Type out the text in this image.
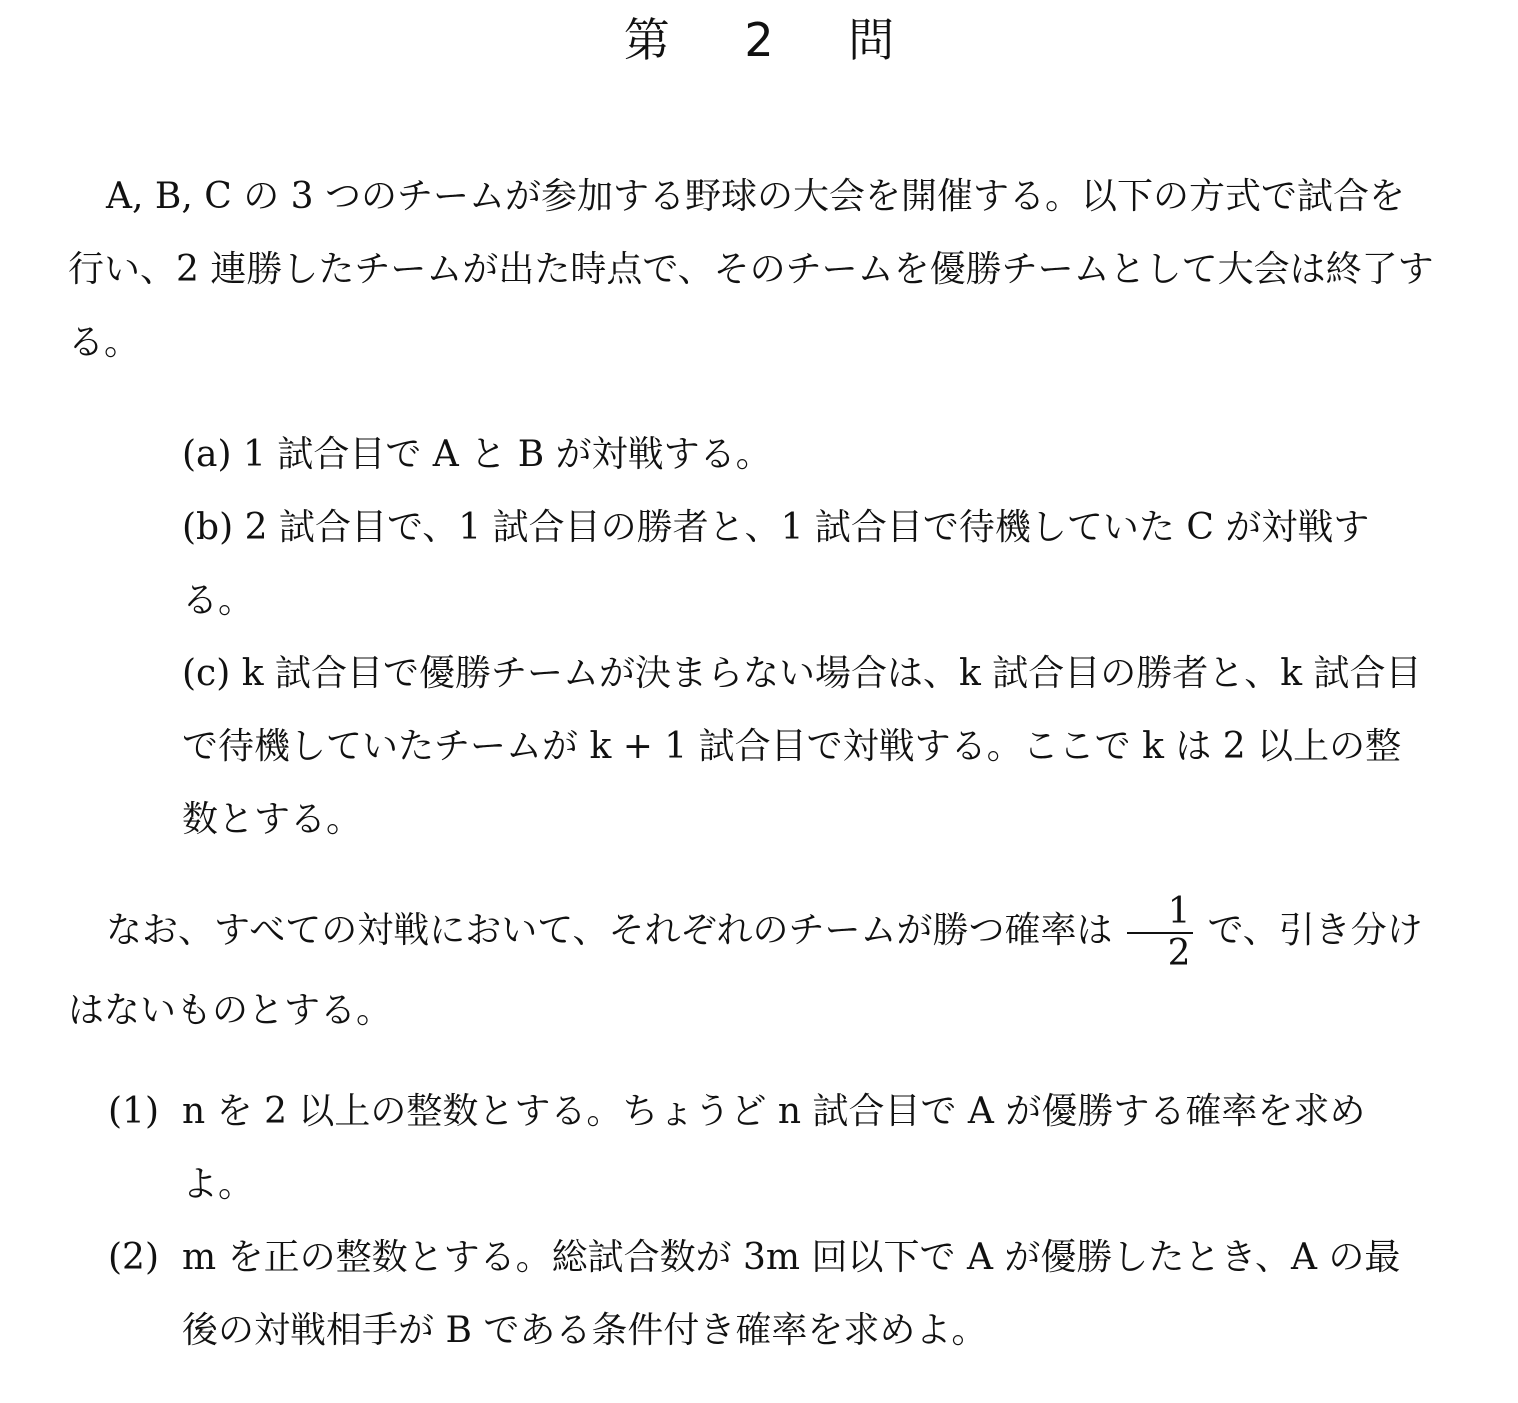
第 2 問
A, B, C の 3 つのチームが参加する野球の大会を開催する。以下の方式で試合を行い、2 連勝したチームが出た時点で、そのチームを優勝チームとして大会は終了する。
(a) 1 試合目で A と B が対戦する。
(b) 2 試合目で、1 試合目の勝者と、1 試合目で待機していた C が対戦する。
(c) k 試合目で優勝チームが決まらない場合は、k 試合目の勝者と、k 試合目で待機していたチームが k + 1 試合目で対戦する。ここで k は 2 以上の整数とする。
なお、すべての対戦において、それぞれのチームが勝つ確率は $\frac{1}{2}$ で、引き分けはないものとする。
(1) n を 2 以上の整数とする。ちょうど n 試合目で A が優勝する確率を求めよ。
(2) m を正の整数とする。総試合数が 3m 回以下で A が優勝したとき、A の最後の対戦相手が B である条件付き確率を求めよ。
